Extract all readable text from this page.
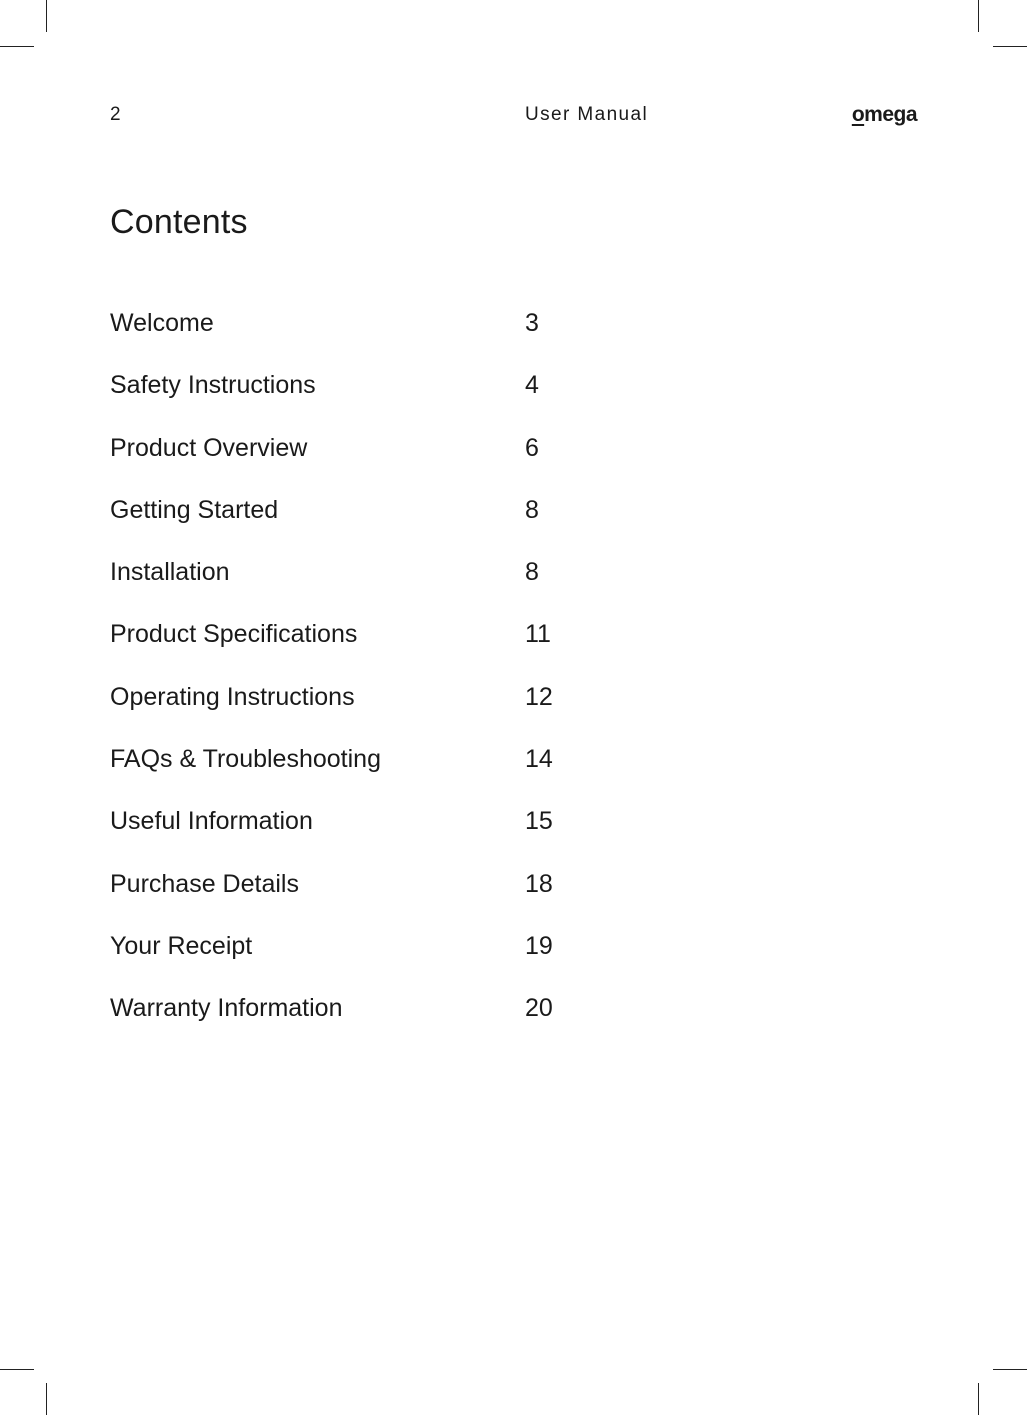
2	User Manual	omega
Contents
Welcome	3
Safety Instructions	4
Product Overview	6
Getting Started	8
Installation	8
Product Specifications	11
Operating Instructions	12
FAQs & Troubleshooting	14
Useful Information	15
Purchase Details	18
Your Receipt	19
Warranty Information	20
